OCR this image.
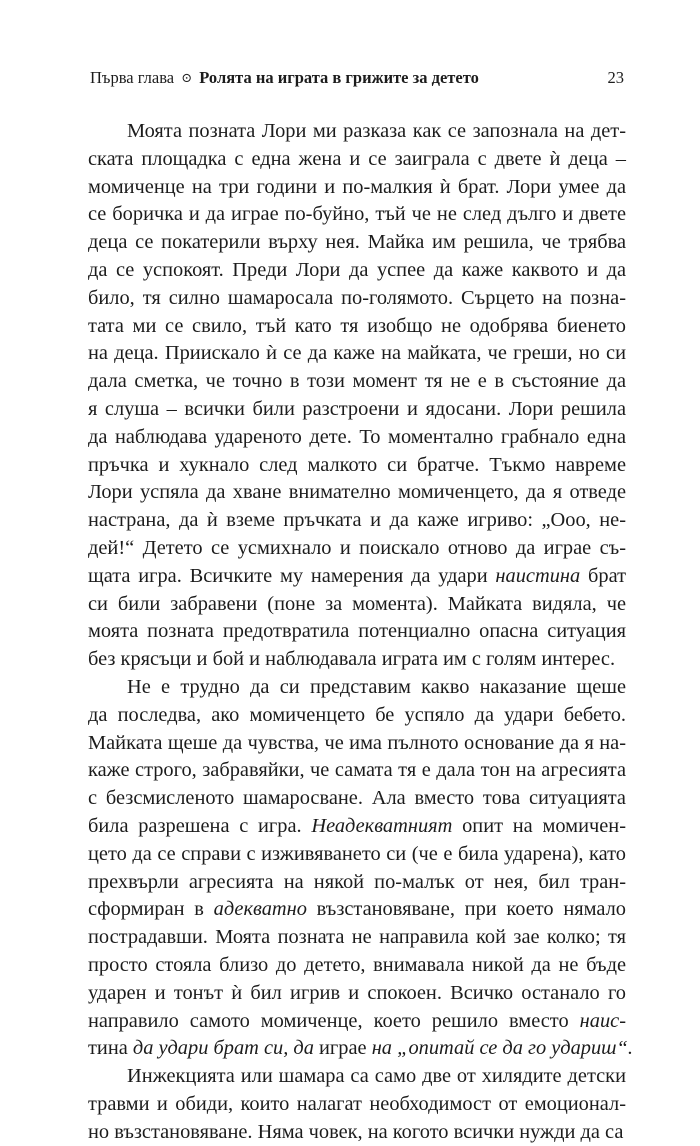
Първа глава ⊙ Ролята на играта в грижите за детето	23
Моята позната Лори ми разказа как се запознала на дет-
ската площадка с една жена и се заиграла с двете ѝ деца –
момиченце на три години и по-малкия ѝ брат. Лори умее да
се боричка и да играе по-буйно, тъй че не след дълго и двете
деца се покатерили върху нея. Майка им решила, че трябва
да се успокоят. Преди Лори да успее да каже каквото и да
било, тя силно шамаросала по-голямото. Сърцето на позна-
тата ми се свило, тъй като тя изобщо не одобрява биенето
на деца. Приискало ѝ се да каже на майката, че греши, но си
дала сметка, че точно в този момент тя не е в състояние да
я слуша – всички били разстроени и ядосани. Лори решила
да наблюдава удареното дете. То моментално грабнало една
пръчка и хукнало след малкото си братче. Тъкмо навреме
Лори успяла да хване внимателно момиченцето, да я отведе
настрана, да ѝ вземе пръчката и да каже игриво: „Ооо, не-
дей!“ Детето се усмихнало и поискало отново да играе съ-
щата игра. Всичките му намерения да удари наистина брат
си били забравени (поне за момента). Майката видяла, че
моята позната предотвратила потенциално опасна ситуация
без крясъци и бой и наблюдавала играта им с голям интерес.
Не е трудно да си представим какво наказание щеше
да последва, ако момиченцето бе успяло да удари бебето.
Майката щеше да чувства, че има пълното основание да я на-
каже строго, забравяйки, че самата тя е дала тон на агресията
с безсмисленото шамаросване. Ала вместо това ситуацията
била разрешена с игра. Неадекватният опит на момичен-
цето да се справи с изживяването си (че е била ударена), като
прехвърли агресията на някой по-малък от нея, бил тран-
сформиран в адекватно възстановяване, при което нямало
пострадавши. Моята позната не направила кой зае колко; тя
просто стояла близо до детето, внимавала никой да не бъде
ударен и тонът ѝ бил игрив и спокоен. Всичко останало го
направило самото момиченце, което решило вместо наис-
тина да удари брат си, да играе на „опитай се да го удариш“.
Инжекцията или шамара са само две от хилядите детски
травми и обиди, които налагат необходимост от емоционал-
но възстановяване. Няма човек, на когото всички нужди да са
